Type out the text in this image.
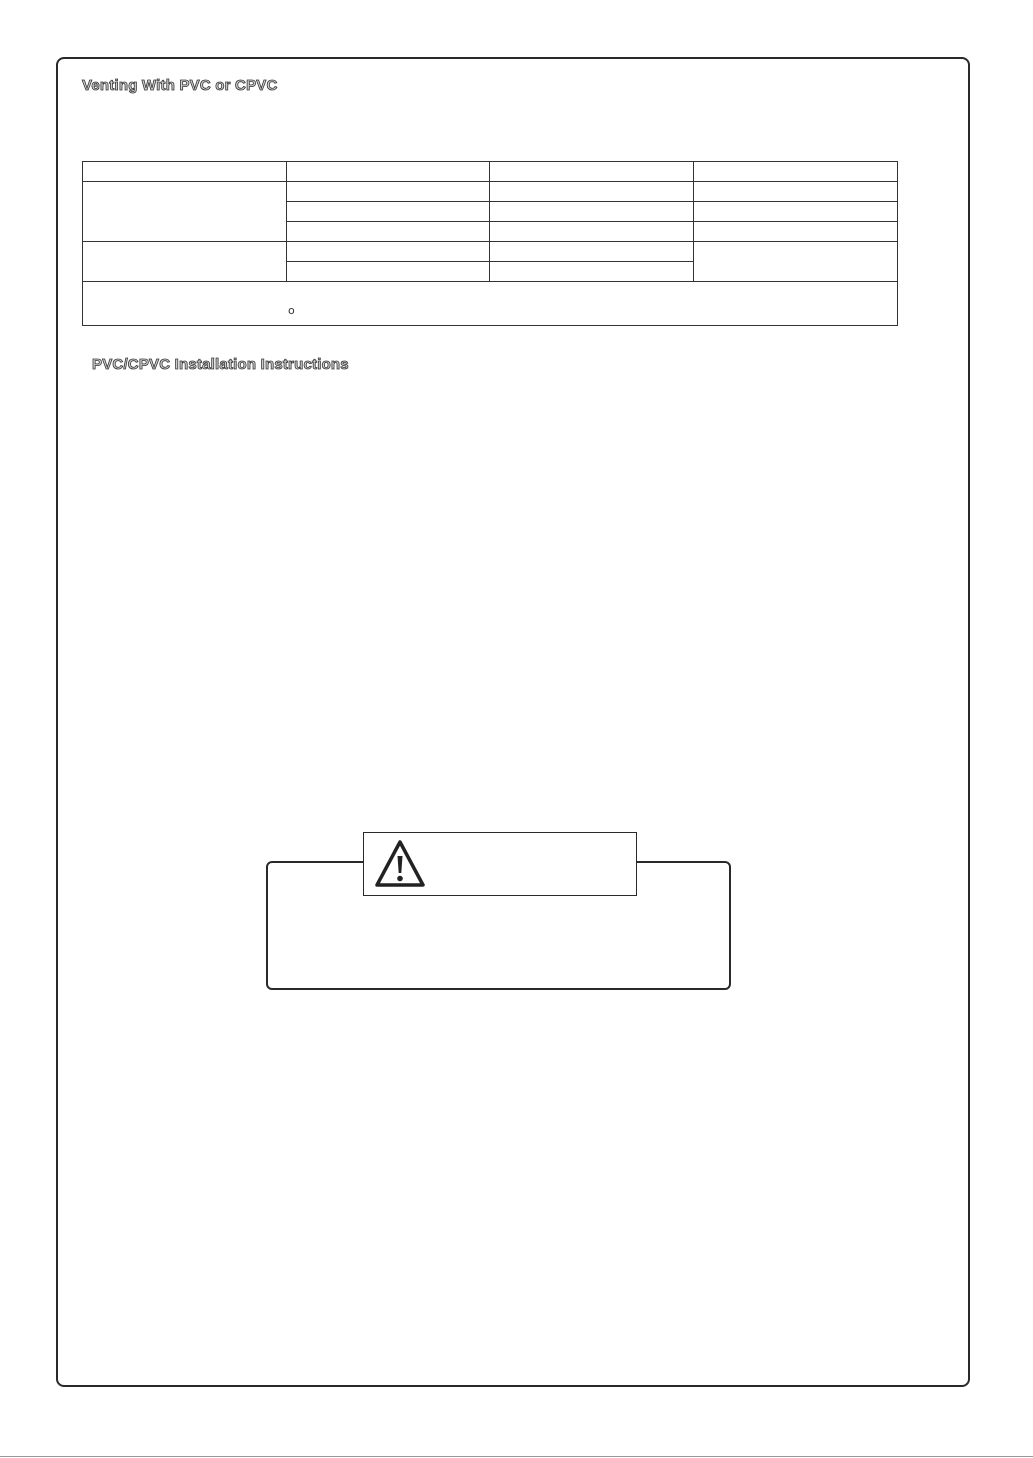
Venting With PVC or CPVC

o			
PVC/CPVC Installation Instructions
